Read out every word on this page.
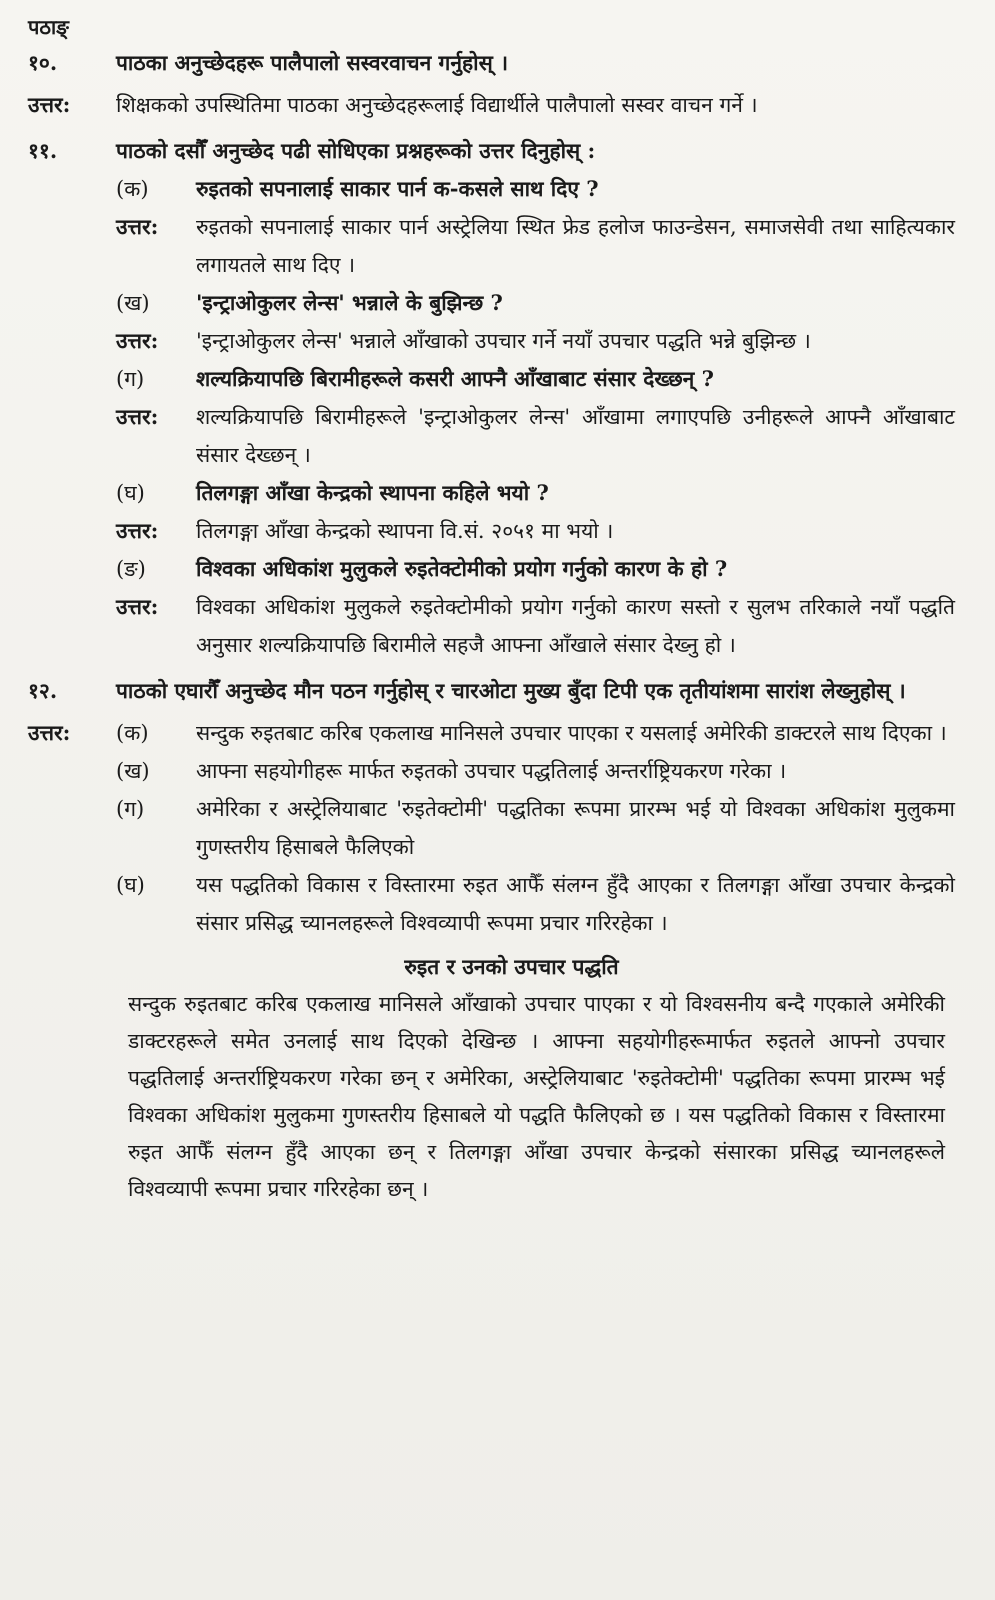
पठाङ्
१०.	पाठका अनुच्छेदहरू पालैपालो सस्वरवाचन गर्नुहोस् ।
उत्तर:	शिक्षकको उपस्थितिमा पाठका अनुच्छेदहरूलाई विद्यार्थीले पालैपालो सस्वर वाचन गर्ने ।
११.	पाठको दसौँ अनुच्छेद पढी सोधिएका प्रश्नहरूको उत्तर दिनुहोस् :
(क)	रुइतको सपनालाई साकार पार्न क-कसले साथ दिए ?
उत्तर:	रुइतको सपनालाई साकार पार्न अस्ट्रेलिया स्थित फ्रेड हलोज फाउन्डेसन, समाजसेवी तथा साहित्यकार लगायतले साथ दिए ।
(ख)	'इन्ट्राओकुलर लेन्स' भन्नाले के बुझिन्छ ?
उत्तर:	'इन्ट्राओकुलर लेन्स' भन्नाले आँखाको उपचार गर्ने नयाँ उपचार पद्धति भन्ने बुझिन्छ ।
(ग)	शल्यक्रियापछि बिरामीहरूले कसरी आफ्नै आँखाबाट संसार देख्छन् ?
उत्तर:	शल्यक्रियापछि बिरामीहरूले 'इन्ट्राओकुलर लेन्स' आँखामा लगाएपछि उनीहरूले आफ्नै आँखाबाट संसार देख्छन् ।
(घ)	तिलगङ्गा आँखा केन्द्रको स्थापना कहिले भयो ?
उत्तर:	तिलगङ्गा आँखा केन्द्रको स्थापना वि.सं. २०५१ मा भयो ।
(ङ)	विश्वका अधिकांश मुलुकले रुइतेक्टोमीको प्रयोग गर्नुको कारण के हो ?
उत्तर:	विश्वका अधिकांश मुलुकले रुइतेक्टोमीको प्रयोग गर्नुको कारण सस्तो र सुलभ तरिकाले नयाँ पद्धति अनुसार शल्यक्रियापछि बिरामीले सहजै आफ्ना आँखाले संसार देख्नु हो ।
१२.	पाठको एघारौँ अनुच्छेद मौन पठन गर्नुहोस् र चारओटा मुख्य बुँदा टिपी एक तृतीयांशमा सारांश लेख्नुहोस् ।
उत्तर:	(क)	सन्दुक रुइतबाट करिब एकलाख मानिसले उपचार पाएका र यसलाई अमेरिकी डाक्टरले साथ दिएका ।
(ख)	आफ्ना सहयोगीहरू मार्फत रुइतको उपचार पद्धतिलाई अन्तर्राष्ट्रियकरण गरेका ।
(ग)	अमेरिका र अस्ट्रेलियाबाट 'रुइतेक्टोमी' पद्धतिका रूपमा प्रारम्भ भई यो विश्वका अधिकांश मुलुकमा गुणस्तरीय हिसाबले फैलिएको
(घ)	यस पद्धतिको विकास र विस्तारमा रुइत आफैँ संलग्न हुँदै आएका र तिलगङ्गा आँखा उपचार केन्द्रको संसार प्रसिद्ध च्यानलहरूले विश्वव्यापी रूपमा प्रचार गरिरहेका ।
रुइत र उनको उपचार पद्धति
सन्दुक रुइतबाट करिब एकलाख मानिसले आँखाको उपचार पाएका र यो विश्वसनीय बन्दै गएकाले अमेरिकी डाक्टरहरूले समेत उनलाई साथ दिएको देखिन्छ । आफ्ना सहयोगीहरूमार्फत रुइतले आफ्नो उपचार पद्धतिलाई अन्तर्राष्ट्रियकरण गरेका छन् र अमेरिका, अस्ट्रेलियाबाट 'रुइतेक्टोमी' पद्धतिका रूपमा प्रारम्भ भई विश्वका अधिकांश मुलुकमा गुणस्तरीय हिसाबले यो पद्धति फैलिएको छ । यस पद्धतिको विकास र विस्तारमा रुइत आफैँ संलग्न हुँदै आएका छन् र तिलगङ्गा आँखा उपचार केन्द्रको संसारका प्रसिद्ध च्यानलहरूले विश्वव्यापी रूपमा प्रचार गरिरहेका छन् ।
